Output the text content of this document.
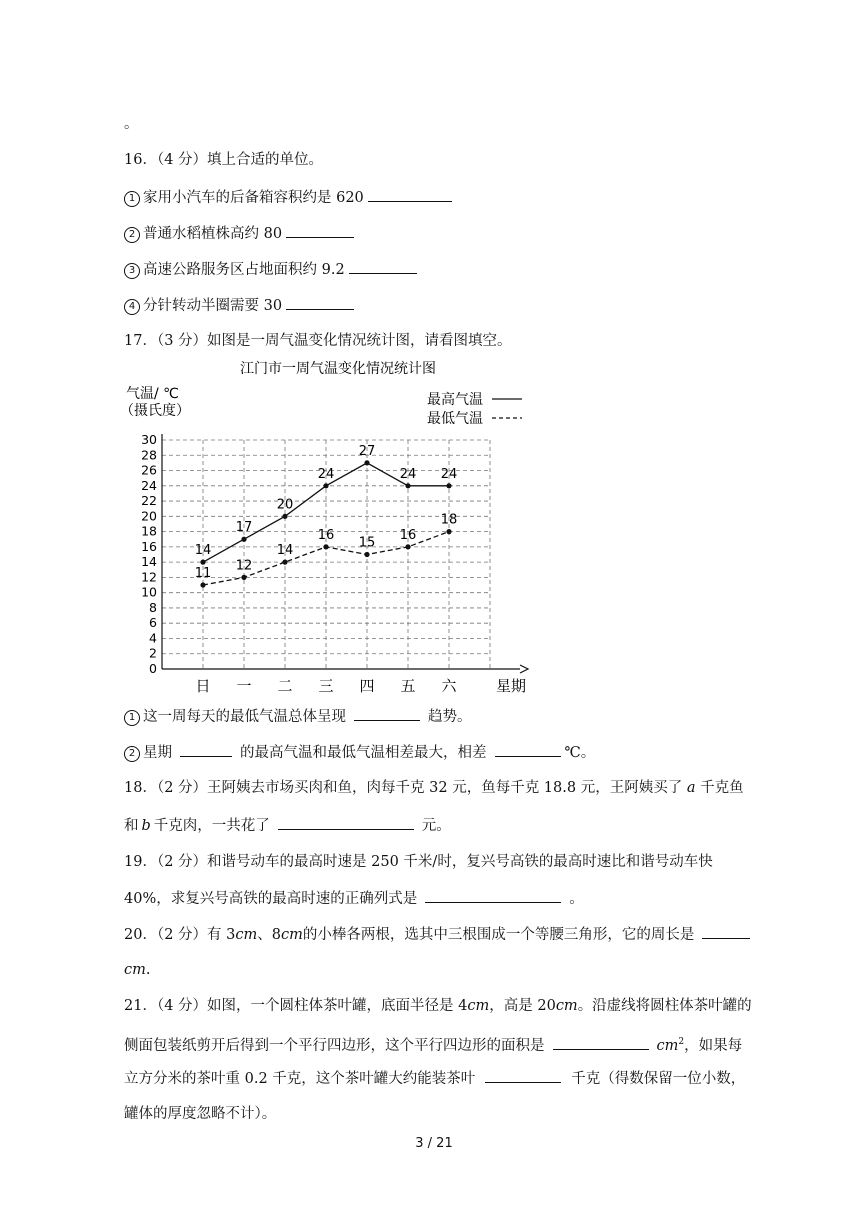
。
16．（4 分）填上合适的单位。
1 家用小汽车的后备箱容积约是 620
2 普通水稻植株高约 80
3 高速公路服务区占地面积约 9.2
4 分针转动半圈需要 30
17．（3 分）如图是一周气温变化情况统计图，请看图填空。
江门市一周气温变化情况统计图
气温/ ℃
（摄氏度）
最高气温
最低气温
0
2
4
6
8
10
12
14
16
18
20
22
24
26
28
30
日 一 二 三 四 五 六	星期
14
17
20
24
27
24 24
11
12
14
16
15
16
18
1 这一周每天的最低气温总体呈现	趋势。
2 星期	的最高气温和最低气温相差最大，相差	℃。
18．（2 分）王阿姨去市场买肉和鱼，肉每千克 32 元，鱼每千克 18.8 元，王阿姨买了 a 千克鱼
和 b 千克肉，一共花了	元。
19．（2 分）和谐号动车的最高时速是 250 千米/时，复兴号高铁的最高时速比和谐号动车快
40%，求复兴号高铁的最高时速的正确列式是	。
20．（2 分）有 3cm、8cm的小棒各两根，选其中三根围成一个等腰三角形，它的周长是
cm.
21．（4 分）如图，一个圆柱体茶叶罐，底面半径是 4cm，高是 20cm。沿虚线将圆柱体茶叶罐的
侧面包装纸剪开后得到一个平行四边形，这个平行四边形的面积是	$cm^2$，如果每
立方分米的茶叶重 0.2 千克，这个茶叶罐大约能装茶叶	千克（得数保留一位小数，
罐体的厚度忽略不计）。
3 / 21
